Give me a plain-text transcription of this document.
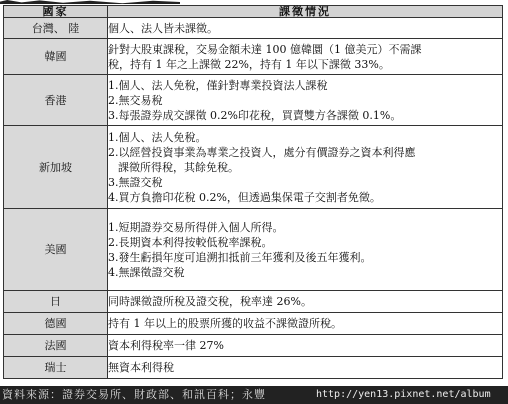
國家	課徵情況
台灣、 陸	個人、法人皆未課徵。

韓國	針對大股東課稅，交易金額未達 100 億韓圜（1 億美元）不需課
稅，持有 1 年之上課徵 22%，持有 1 年以下課徵 33%。

香港	1.個人、法人免稅，僅針對專業投資法人課稅
2.無交易稅
3.每張證券成交課徵 0.2%印花稅，買賣雙方各課徵 0.1%。

新加坡	1.個人、法人免稅。
2.以經營投資事業為專業之投資人，處分有價證券之資本利得應
課徵所得稅，其餘免稅。
3.無證交稅
4.買方負擔印花稅 0.2%，但透過集保電子交割者免徵。

美國	1.短期證券交易所得併入個人所得。
2.長期資本利得按較低稅率課稅。
3.發生虧損年度可追溯扣抵前三年獲利及後五年獲利。
4.無課徵證交稅

日	同時課徵證所稅及證交稅，稅率達 26%。

德國	持有 1 年以上的股票所獲的收益不課徵證所稅。

法國	資本利得稅率一律 27%

瑞士	無資本利得稅
資料來源：證券交易所、財政部、和訊百科；永豐	http://yen13.pixnet.net/album
